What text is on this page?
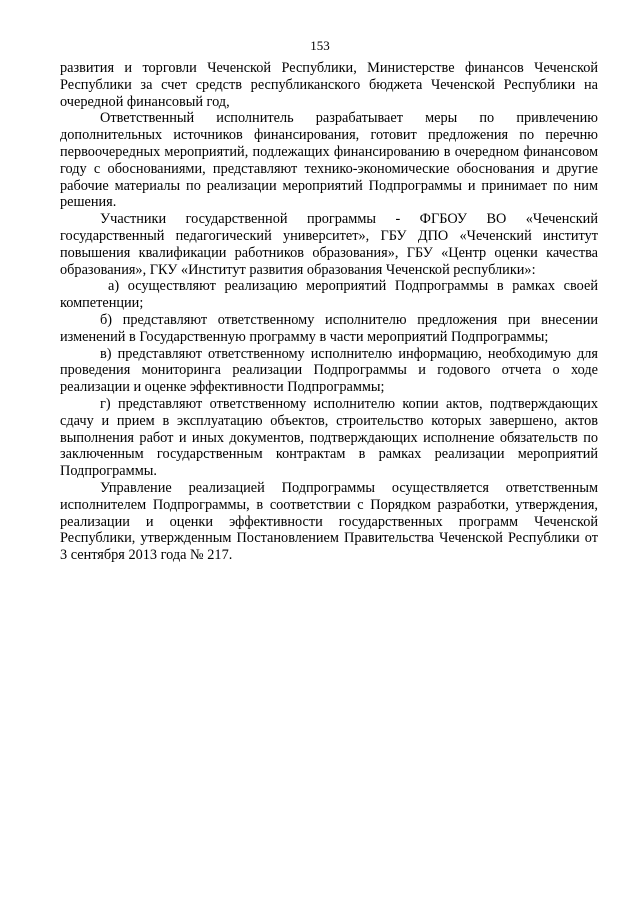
153

развития и торговли Чеченской Республики, Министерстве финансов Чеченской Республики за счет средств республиканского бюджета Чеченской Республики на очередной финансовый год,

Ответственный исполнитель разрабатывает меры по привлечению дополнительных источников финансирования, готовит предложения по перечню первоочередных мероприятий, подлежащих финансированию в очередном финансовом году с обоснованиями, представляют технико-экономические обоснования и другие рабочие материалы по реализации мероприятий Подпрограммы и принимает по ним решения.

Участники государственной программы - ФГБОУ ВО «Чеченский государственный педагогический университет», ГБУ ДПО «Чеченский институт повышения квалификации работников образования», ГБУ «Центр оценки качества образования», ГКУ «Институт развития образования Чеченской республики»:

а) осуществляют реализацию мероприятий Подпрограммы в рамках своей компетенции;

б) представляют ответственному исполнителю предложения при внесении изменений в Государственную программу в части мероприятий Подпрограммы;

в) представляют ответственному исполнителю информацию, необходимую для проведения мониторинга реализации Подпрограммы и годового отчета о ходе реализации и оценке эффективности Подпрограммы;

г) представляют ответственному исполнителю копии актов, подтверждающих сдачу и прием в эксплуатацию объектов, строительство которых завершено, актов выполнения работ и иных документов, подтверждающих исполнение обязательств по заключенным государственным контрактам в рамках реализации мероприятий Подпрограммы.

Управление реализацией Подпрограммы осуществляется ответственным исполнителем Подпрограммы, в соответствии с Порядком разработки, утверждения, реализации и оценки эффективности государственных программ Чеченской Республики, утвержденным Постановлением Правительства Чеченской Республики от 3 сентября 2013 года № 217.
